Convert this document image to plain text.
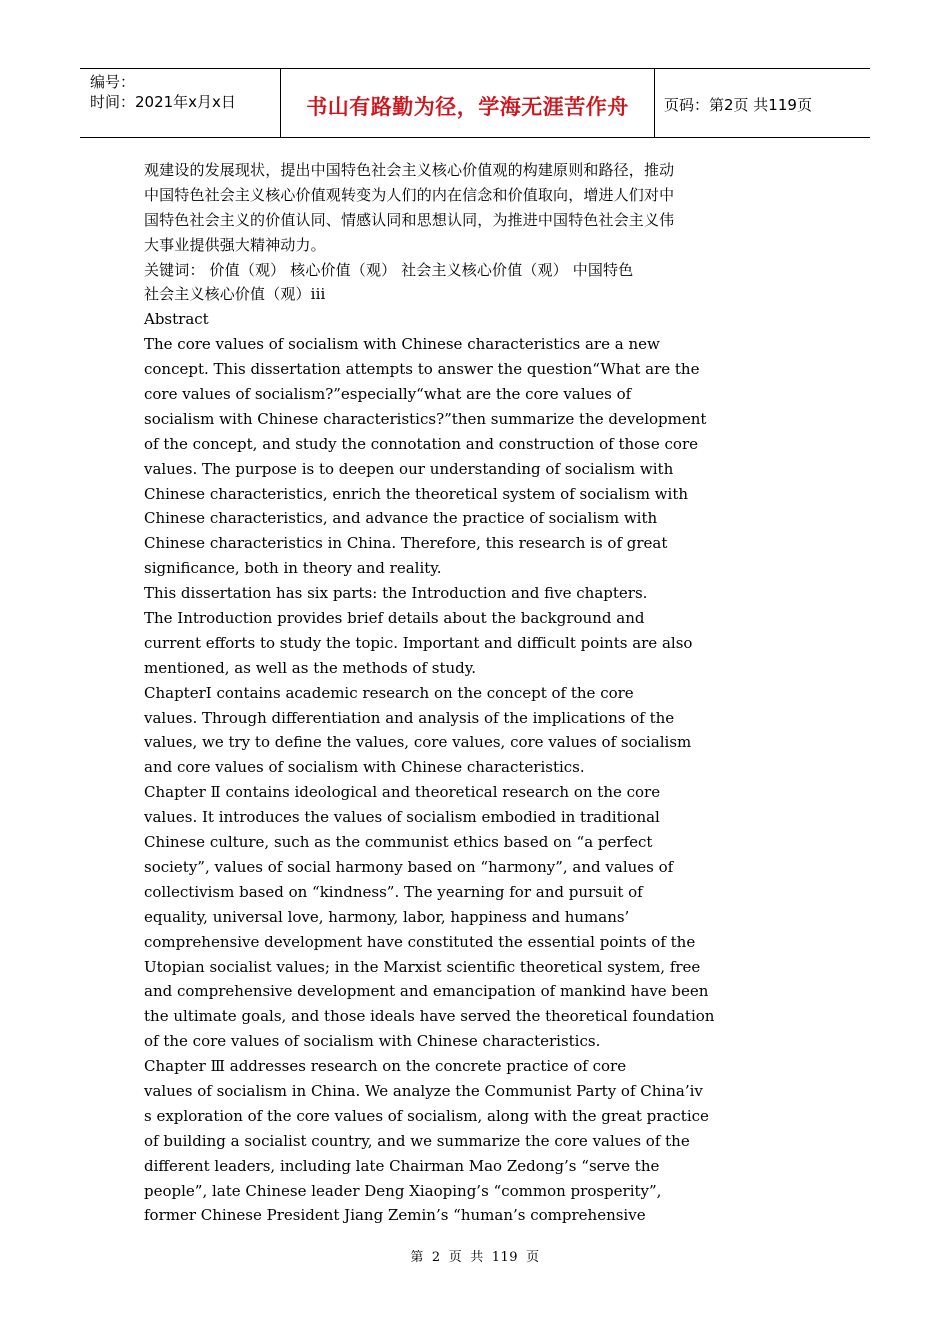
编号：
时间：2021年x月x日	书山有路勤为径，学海无涯苦作舟 页码：第2页 共119页
观建设的发展现状，提出中国特色社会主义核心价值观的构建原则和路径，推动
中国特色社会主义核心价值观转变为人们的内在信念和价值取向，增进人们对中
国特色社会主义的价值认同、情感认同和思想认同，为推进中国特色社会主义伟
大事业提供强大精神动力。
关键词： 价值（观） 核心价值（观） 社会主义核心价值（观） 中国特色
社会主义核心价值（观）iii
Abstract
The core values of socialism with Chinese characteristics are a new
concept. This dissertation attempts to answer the question“What are the
core values of socialism?”especially“what are the core values of
socialism with Chinese characteristics?”then summarize the development
of the concept, and study the connotation and construction of those core
values. The purpose is to deepen our understanding of socialism with
Chinese characteristics, enrich the theoretical system of socialism with
Chinese characteristics, and advance the practice of socialism with
Chinese characteristics in China. Therefore, this research is of great
significance, both in theory and reality.
This dissertation has six parts: the Introduction and five chapters.
The Introduction provides brief details about the background and
current efforts to study the topic. Important and difficult points are also
mentioned, as well as the methods of study.
ChapterⅠ contains academic research on the concept of the core
values. Through differentiation and analysis of the implications of the
values, we try to define the values, core values, core values of socialism
and core values of socialism with Chinese characteristics.
Chapter Ⅱ contains ideological and theoretical research on the core
values. It introduces the values of socialism embodied in traditional
Chinese culture, such as the communist ethics based on “a perfect
society”, values of social harmony based on “harmony”, and values of
collectivism based on “kindness”. The yearning for and pursuit of
equality, universal love, harmony, labor, happiness and humans’
comprehensive development have constituted the essential points of the
Utopian socialist values; in the Marxist scientific theoretical system, free
and comprehensive development and emancipation of mankind have been
the ultimate goals, and those ideals have served the theoretical foundation
of the core values of socialism with Chinese characteristics.
Chapter Ⅲ addresses research on the concrete practice of core
values of socialism in China. We analyze the Communist Party of China’iv
s exploration of the core values of socialism, along with the great practice
of building a socialist country, and we summarize the core values of the
different leaders, including late Chairman Mao Zedong’s “serve the
people”, late Chinese leader Deng Xiaoping’s “common prosperity”,
former Chinese President Jiang Zemin’s “human’s comprehensive
第 2 页 共 119 页
